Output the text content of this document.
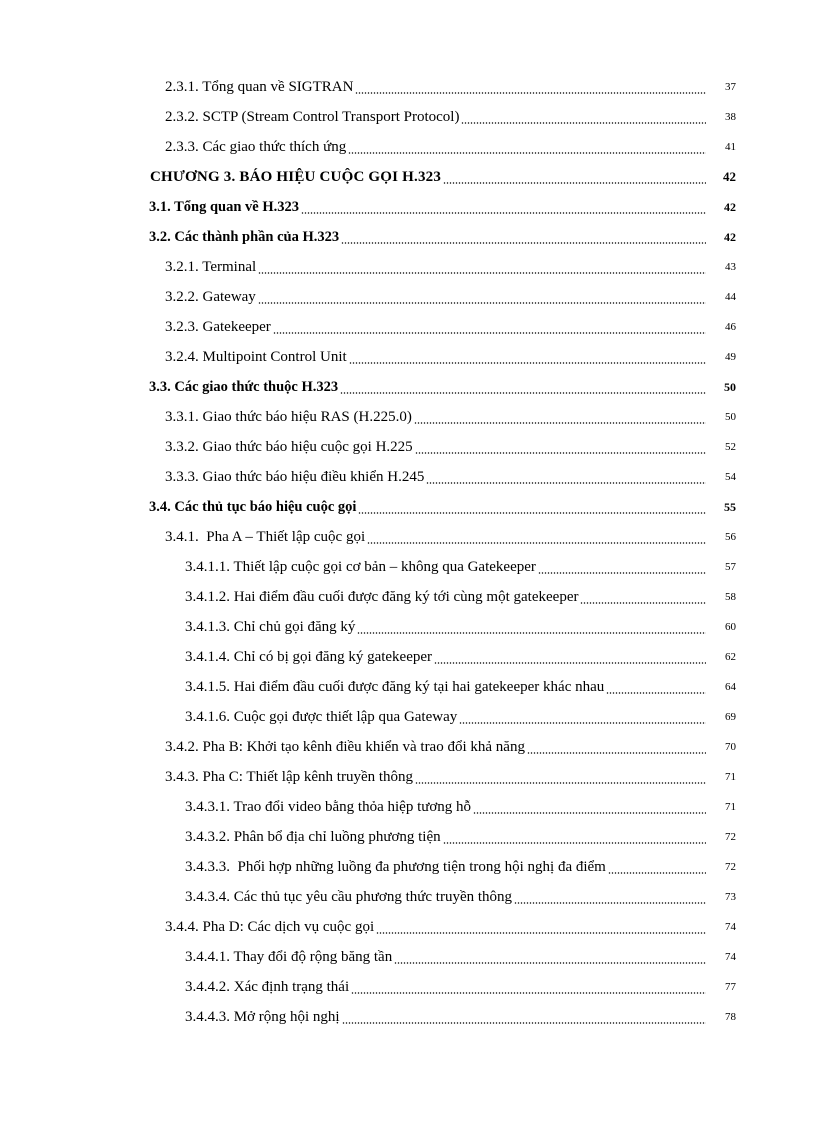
2.3.1. Tổng quan về SIGTRAN	37
2.3.2. SCTP (Stream Control Transport Protocol)	38
2.3.3. Các giao thức thích ứng	41
CHƯƠNG 3. BÁO HIỆU CUỘC GỌI H.323	42
3.1. Tổng quan về H.323	42
3.2. Các thành phần của H.323	42
3.2.1. Terminal	43
3.2.2. Gateway	44
3.2.3. Gatekeeper	46
3.2.4. Multipoint Control Unit	49
3.3. Các giao thức thuộc H.323	50
3.3.1. Giao thức báo hiệu RAS (H.225.0)	50
3.3.2. Giao thức báo hiệu cuộc gọi H.225	52
3.3.3. Giao thức báo hiệu điều khiển H.245	54
3.4. Các thủ tục báo hiệu cuộc gọi	55
3.4.1.  Pha A – Thiết lập cuộc gọi	56
3.4.1.1. Thiết lập cuộc gọi cơ bản – không qua Gatekeeper	57
3.4.1.2. Hai điểm đầu cuối được đăng ký tới cùng một gatekeeper	58
3.4.1.3. Chỉ chủ gọi đăng ký	60
3.4.1.4. Chỉ có bị gọi đăng ký gatekeeper	62
3.4.1.5. Hai điểm đầu cuối được đăng ký tại hai gatekeeper khác nhau	64
3.4.1.6. Cuộc gọi được thiết lập qua Gateway	69
3.4.2. Pha B: Khởi tạo kênh điều khiển và trao đổi khả năng	70
3.4.3. Pha C: Thiết lập kênh truyền thông	71
3.4.3.1. Trao đổi video bằng thỏa hiệp tương hỗ	71
3.4.3.2. Phân bổ địa chỉ luồng phương tiện	72
3.4.3.3.  Phối hợp những luồng đa phương tiện trong hội nghị đa điểm	72
3.4.3.4. Các thủ tục yêu cầu phương thức truyền thông	73
3.4.4. Pha D: Các dịch vụ cuộc gọi	74
3.4.4.1. Thay đổi độ rộng băng tần	74
3.4.4.2. Xác định trạng thái	77
3.4.4.3. Mở rộng hội nghị	78
